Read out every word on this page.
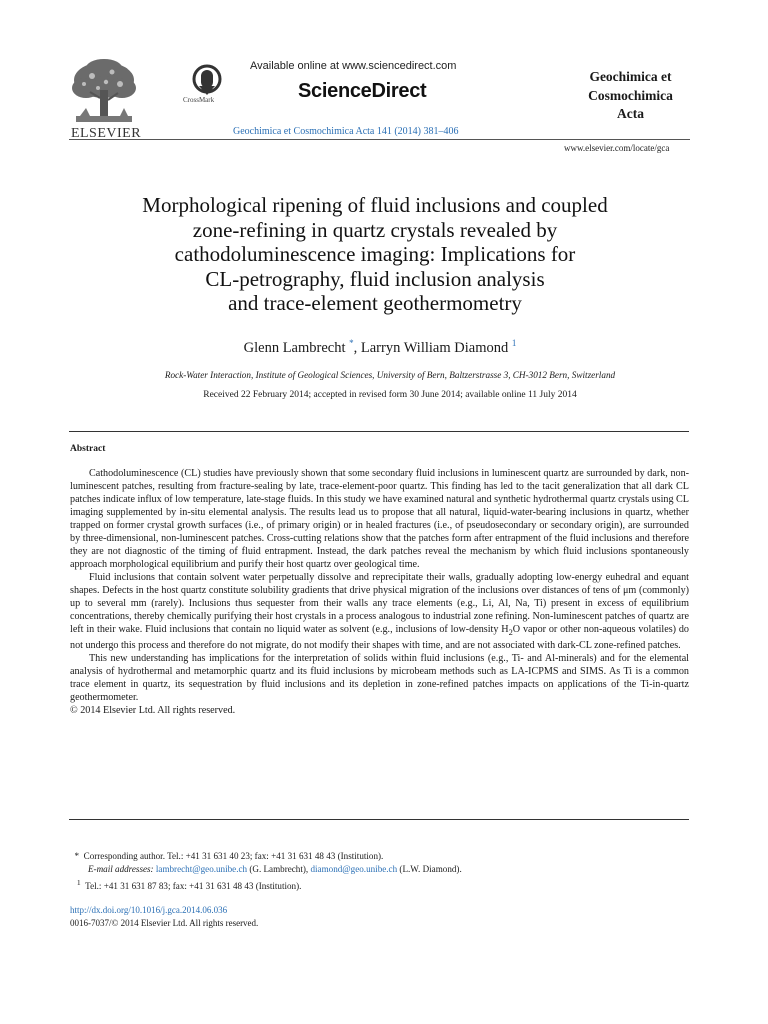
ELSEVIER
CrossMark
Available online at www.sciencedirect.com
ScienceDirect
Geochimica et Cosmochimica Acta 141 (2014) 381–406
Geochimica et
Cosmochimica
Acta
www.elsevier.com/locate/gca
Morphological ripening of fluid inclusions and coupled
zone-refining in quartz crystals revealed by
cathodoluminescence imaging: Implications for
CL-petrography, fluid inclusion analysis
and trace-element geothermometry
Glenn Lambrecht *, Larryn William Diamond $^1$
Rock-Water Interaction, Institute of Geological Sciences, University of Bern, Baltzerstrasse 3, CH-3012 Bern, Switzerland
Received 22 February 2014; accepted in revised form 30 June 2014; available online 11 July 2014
Abstract

Cathodoluminescence (CL) studies have previously shown that some secondary fluid inclusions in luminescent quartz are surrounded by dark, non-luminescent patches, resulting from fracture-sealing by late, trace-element-poor quartz. This finding has led to the tacit generalization that all dark CL patches indicate influx of low temperature, late-stage fluids. In this study we have examined natural and synthetic hydrothermal quartz crystals using CL imaging supplemented by in-situ elemental analysis. The results lead us to propose that all natural, liquid-water-bearing inclusions in quartz, whether trapped on former crystal growth surfaces (i.e., of primary origin) or in healed fractures (i.e., of pseudosecondary or secondary origin), are surrounded by three-dimensional, non-luminescent patches. Cross-cutting relations show that the patches form after entrapment of the fluid inclusions and therefore they are not diagnostic of the timing of fluid entrapment. Instead, the dark patches reveal the mechanism by which fluid inclusions spontaneously approach morphological equilibrium and purify their host quartz over geological time.

Fluid inclusions that contain solvent water perpetually dissolve and reprecipitate their walls, gradually adopting low-energy euhedral and equant shapes. Defects in the host quartz constitute solubility gradients that drive physical migration of the inclusions over distances of tens of μm (commonly) up to several mm (rarely). Inclusions thus sequester from their walls any trace elements (e.g., Li, Al, Na, Ti) present in excess of equilibrium concentrations, thereby chemically purifying their host crystals in a process analogous to industrial zone refining. Non-luminescent patches of quartz are left in their wake. Fluid inclusions that contain no liquid water as solvent (e.g., inclusions of low-density $H_2O$ vapor or other non-aqueous volatiles) do not undergo this process and therefore do not migrate, do not modify their shapes with time, and are not associated with dark-CL zone-refined patches.

This new understanding has implications for the interpretation of solids within fluid inclusions (e.g., Ti- and Al-minerals) and for the elemental analysis of hydrothermal and metamorphic quartz and its fluid inclusions by microbeam methods such as LA-ICPMS and SIMS. As Ti is a common trace element in quartz, its sequestration by fluid inclusions and its depletion in zone-refined patches impacts on applications of the Ti-in-quartz geothermometer.

© 2014 Elsevier Ltd. All rights reserved.

* Corresponding author. Tel.: +41 31 631 40 23; fax: +41 31 631 48 43 (Institution).

E-mail addresses: lambrecht@geo.unibe.ch (G. Lambrecht), diamond@geo.unibe.ch (L.W. Diamond).

$^1$ Tel.: +41 31 631 87 83; fax: +41 31 631 48 43 (Institution).

http://dx.doi.org/10.1016/j.gca.2014.06.036
0016-7037/© 2014 Elsevier Ltd. All rights reserved.
